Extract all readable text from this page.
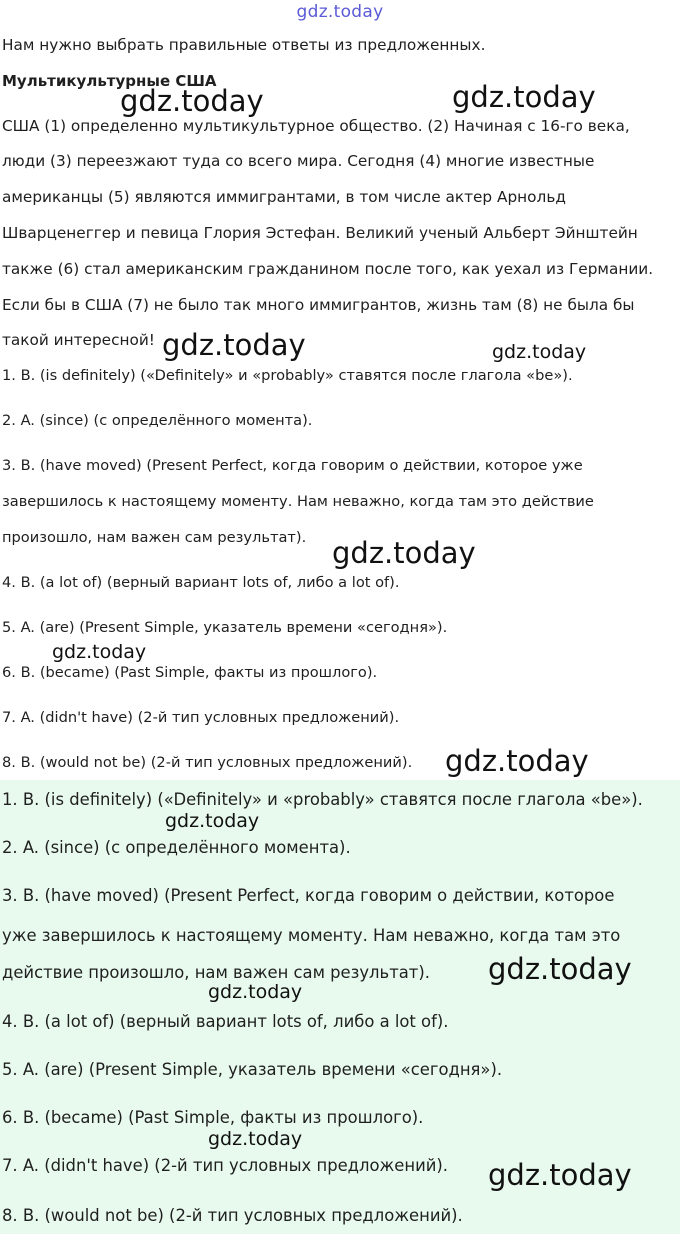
gdz.today
Нам нужно выбрать правильные ответы из предложенных.
Мультикультурные США
США (1) определенно мультикультурное общество. (2) Начиная с 16-го века,
люди (3) переезжают туда со всего мира. Сегодня (4) многие известные
американцы (5) являются иммигрантами, в том числе актер Арнольд
Шварценеггер и певица Глория Эстефан. Великий ученый Альберт Эйнштейн
также (6) стал американским гражданином после того, как уехал из Германии.
Если бы в США (7) не было так много иммигрантов, жизнь там (8) не была бы
такой интересной!
1. B. (is definitely) («Definitely» и «probably» ставятся после глагола «be»).
2. A. (since) (с определённого момента).
3. B. (have moved) (Present Perfect, когда говорим о действии, которое уже
завершилось к настоящему моменту. Нам неважно, когда там это действие
произошло, нам важен сам результат).
4. B. (a lot of) (верный вариант lots of, либо a lot of).
5. A. (are) (Present Simple, указатель времени «сегодня»).
6. B. (became) (Past Simple, факты из прошлого).
7. A. (didn't have) (2-й тип условных предложений).
8. B. (would not be) (2-й тип условных предложений).
1. B. (is definitely) («Definitely» и «probably» ставятся после глагола «be»).
2. A. (since) (с определённого момента).
3. B. (have moved) (Present Perfect, когда говорим о действии, которое
уже завершилось к настоящему моменту. Нам неважно, когда там это
действие произошло, нам важен сам результат).
4. B. (a lot of) (верный вариант lots of, либо a lot of).
5. A. (are) (Present Simple, указатель времени «сегодня»).
6. B. (became) (Past Simple, факты из прошлого).
7. A. (didn't have) (2-й тип условных предложений).
8. B. (would not be) (2-й тип условных предложений).
gdz.today	gdz.today
gdz.today	gdz.today
gdz.today
gdz.today
gdz.today
gdz.today
gdz.today
gdz.today
gdz.today
gdz.today
